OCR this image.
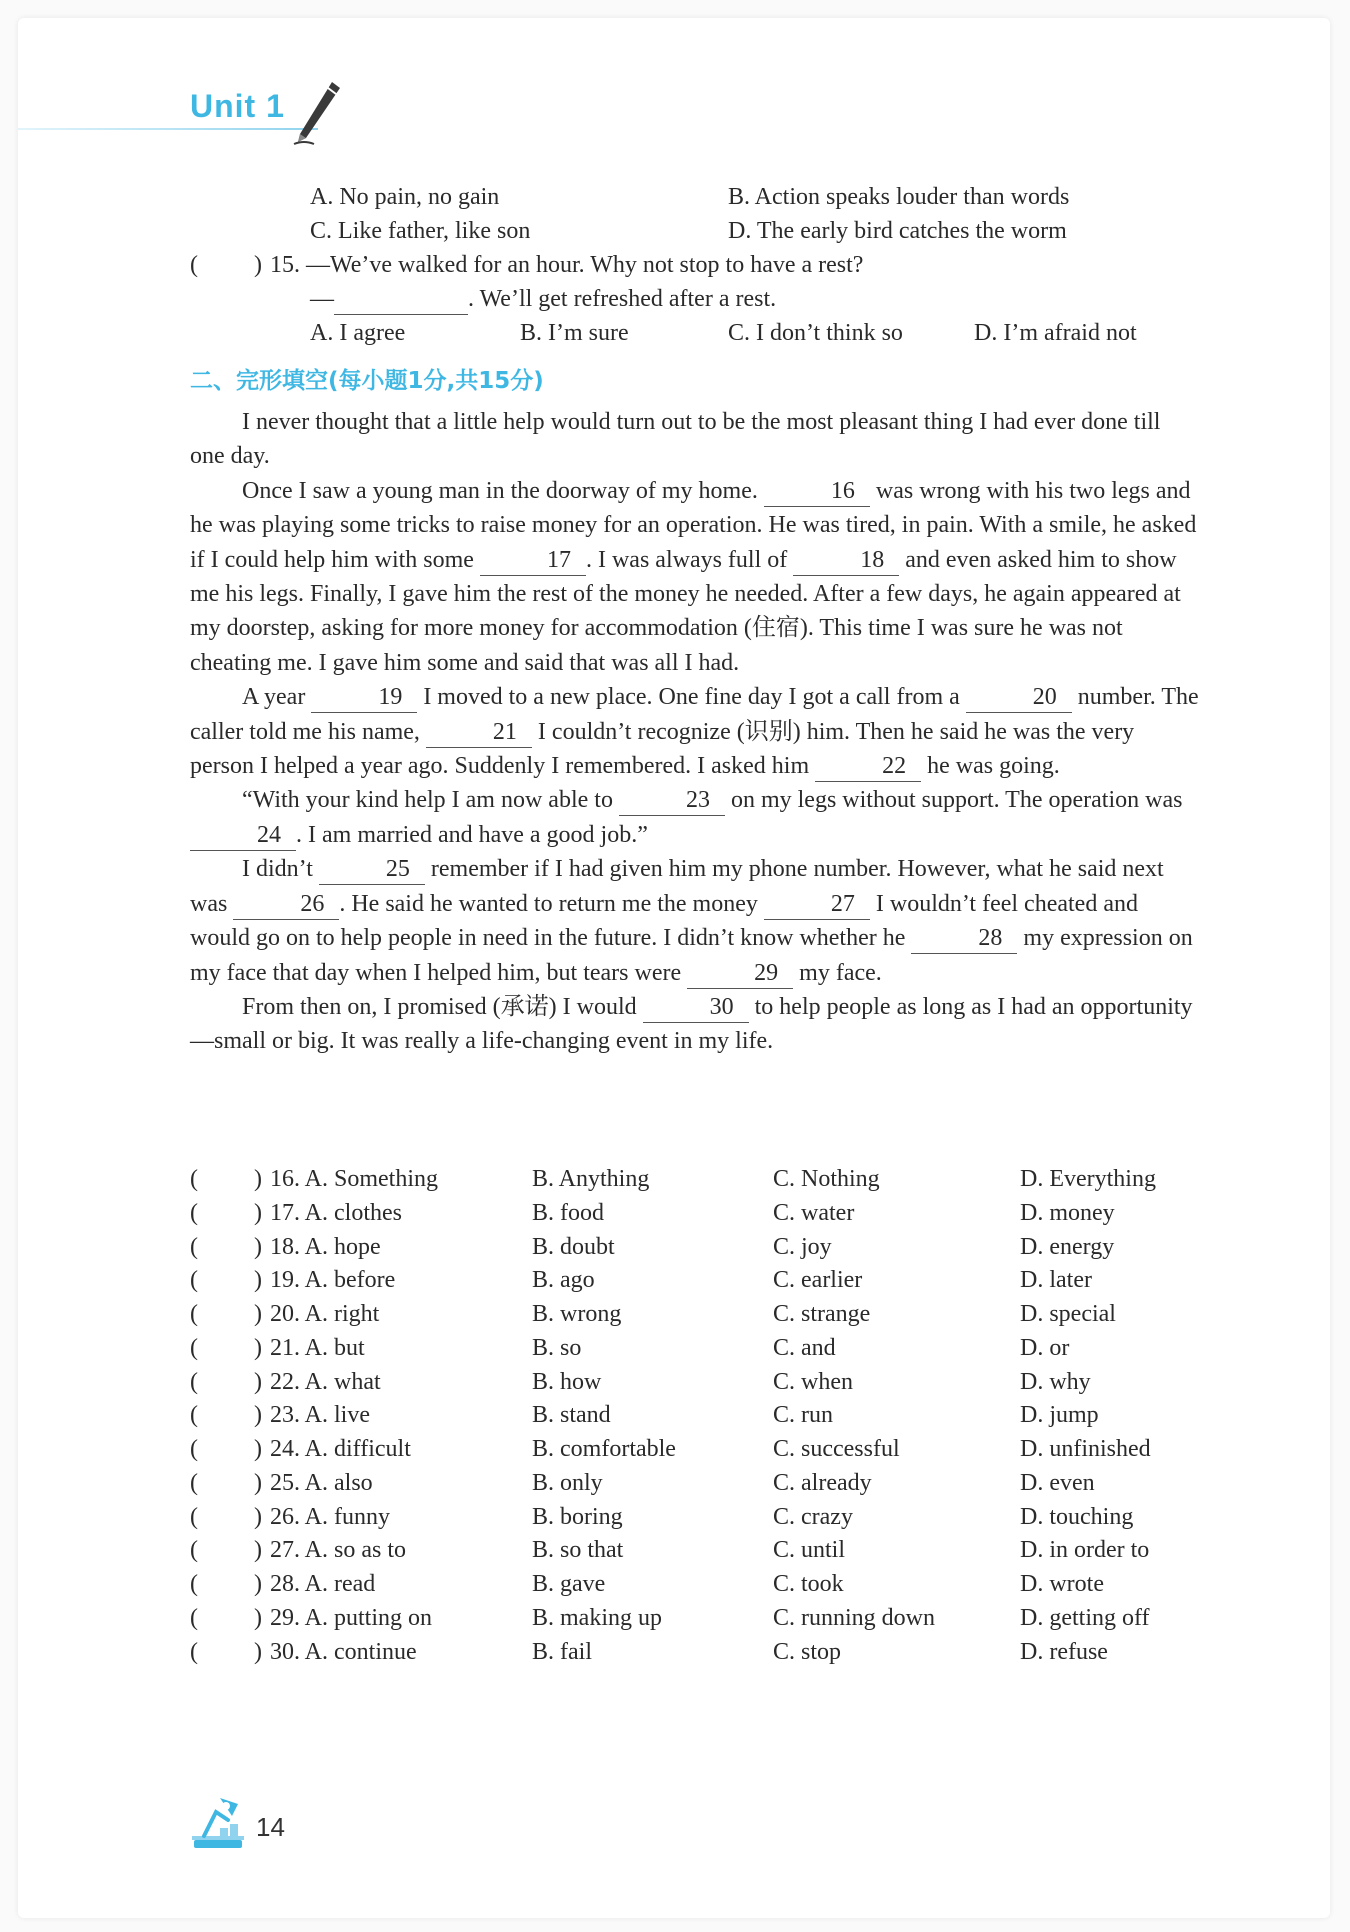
Unit 1
A. No pain, no gain	B. Action speaks louder than words
C. Like father, like son	D. The early bird catches the worm
( ) 15. —We’ve walked for an hour. Why not stop to have a rest?
—	. We’ll get refreshed after a rest.
A. I agree	B. I’m sure	C. I don’t think so	D. I’m afraid not
二、完形填空(每小题1分,共15分)

I never thought that a little help would turn out to be the most pleasant thing I had ever done till one day.

Once I saw a young man in the doorway of my home.	16 was wrong with his two legs and he was playing some tricks to raise money for an operation. He was tired, in pain. With a smile, he asked if I could help him with some	17 . I was always full of	18 and even asked him to show me his legs. Finally, I gave him the rest of the money he needed. After a few days, he again appeared at my doorstep, asking for more money for accommodation (住宿). This time I was sure he was not cheating me. I gave him some and said that was all I had.

A year	19 I moved to a new place. One fine day I got a call from a	20 number. The caller told me his name,	21 I couldn’t recognize (识别) him. Then he said he was the very person I helped a year ago. Suddenly I remembered. I asked him	22 he was going.

“With your kind help I am now able to	23 on my legs without support. The operation was 24 . I am married and have a good job.”

I didn’t	25 remember if I had given him my phone number. However, what he said next was	26 . He said he wanted to return me the money	27 I wouldn’t feel cheated and would go on to help people in need in the future. I didn’t know whether he	28 my expression on my face that day when I helped him, but tears were	29 my face.

From then on, I promised (承诺) I would	30 to help people as long as I had an opportunity—small or big. It was really a life-changing event in my life.

( ) 16. A. Something	B. Anything	C. Nothing	D. Everything
( ) 17. A. clothes	B. food	C. water	D. money
( ) 18. A. hope	B. doubt	C. joy	D. energy
( ) 19. A. before	B. ago	C. earlier	D. later
( ) 20. A. right	B. wrong	C. strange	D. special
( ) 21. A. but	B. so	C. and	D. or
( ) 22. A. what	B. how	C. when	D. why
( ) 23. A. live	B. stand	C. run	D. jump
( ) 24. A. difficult	B. comfortable	C. successful	D. unfinished
( ) 25. A. also	B. only	C. already	D. even
( ) 26. A. funny	B. boring	C. crazy	D. touching
( ) 27. A. so as to	B. so that	C. until	D. in order to
( ) 28. A. read	B. gave	C. took	D. wrote
( ) 29. A. putting on	B. making up	C. running down	D. getting off
( ) 30. A. continue	B. fail	C. stop	D. refuse
14
